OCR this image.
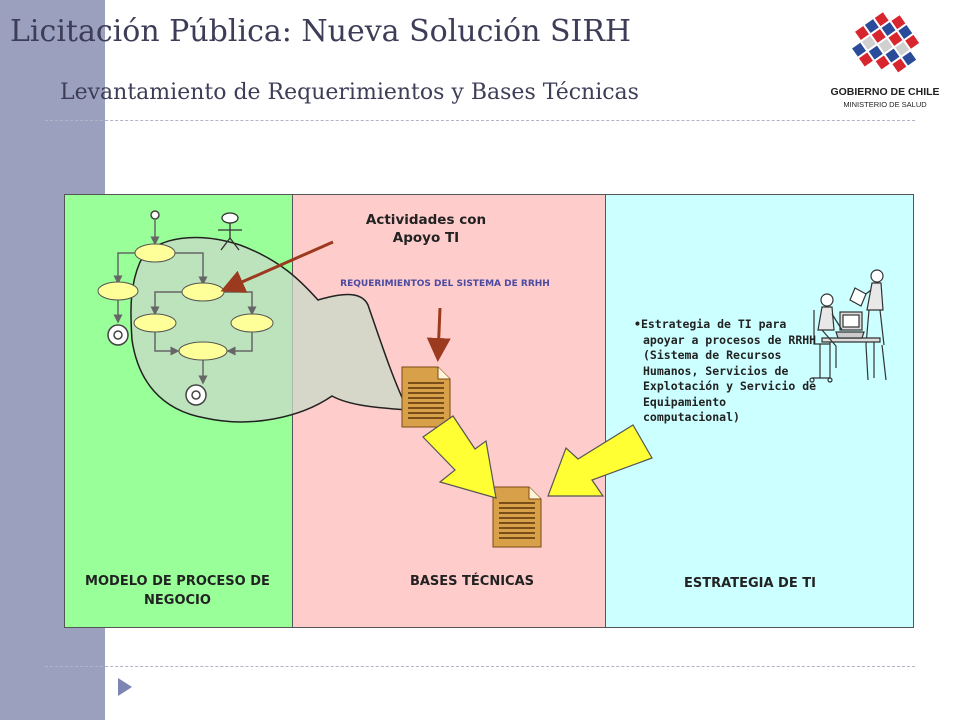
Licitación Pública: Nueva Solución SIRH
Levantamiento de Requerimientos y Bases Técnicas	GOBIERNO DE CHILE
MINISTERIO DE SALUD
Actividades con Apoyo TI
REQUERIMIENTOS DEL SISTEMA DE RRHH
•Estrategia de TI para apoyar a procesos de RRHH (Sistema de Recursos Humanos, Servicios de Explotación y Servicio de Equipamiento computacional)
MODELO DE PROCESO DE NEGOCIO
BASES TÉCNICAS	ESTRATEGIA DE TI
